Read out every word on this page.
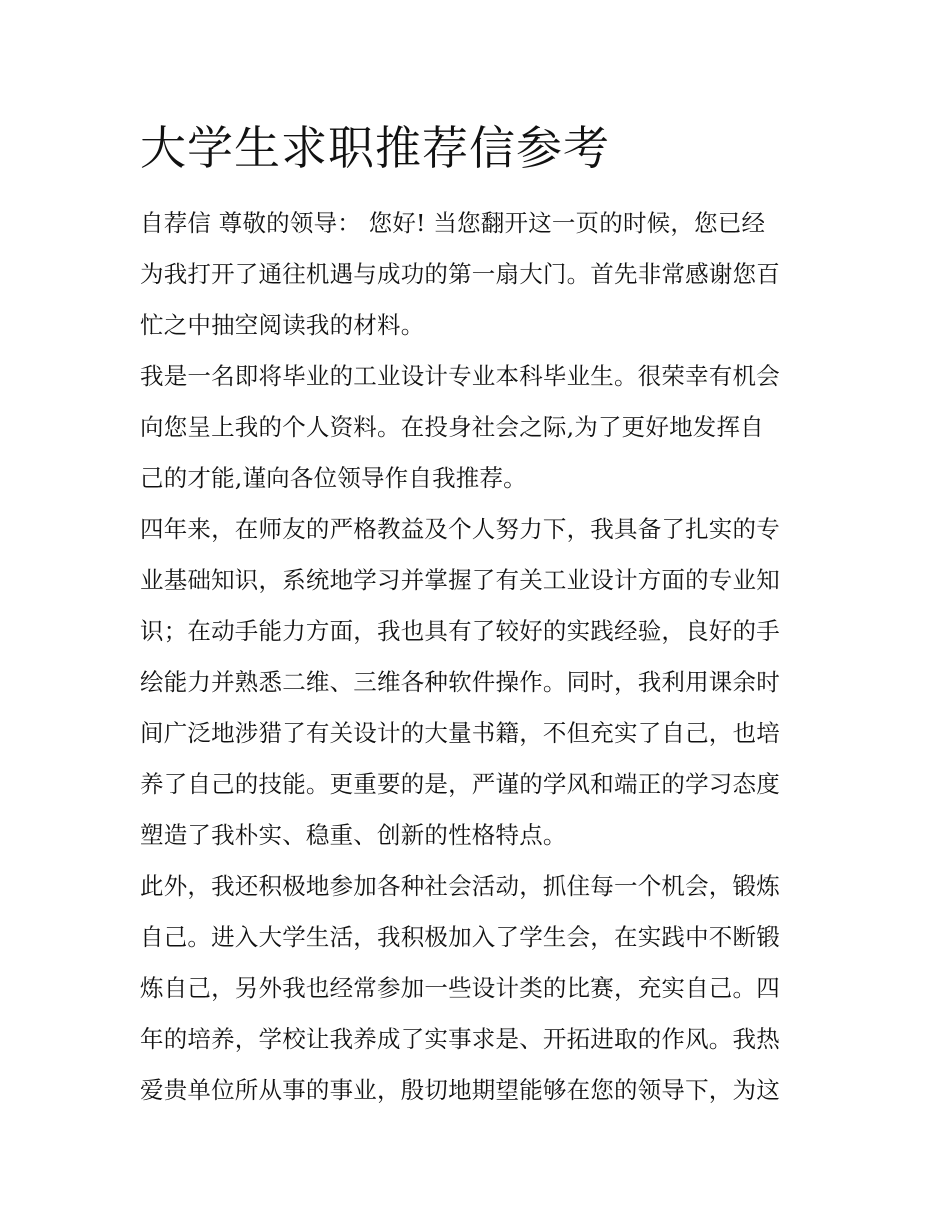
大学生求职推荐信参考
自荐信 尊敬的领导： 您好! 当您翻开这一页的时候，您已经
为我打开了通往机遇与成功的第一扇大门。首先非常感谢您百
忙之中抽空阅读我的材料。
我是一名即将毕业的工业设计专业本科毕业生。很荣幸有机会
向您呈上我的个人资料。在投身社会之际,为了更好地发挥自
己的才能,谨向各位领导作自我推荐。
四年来，在师友的严格教益及个人努力下，我具备了扎实的专
业基础知识，系统地学习并掌握了有关工业设计方面的专业知
识；在动手能力方面，我也具有了较好的实践经验，良好的手
绘能力并熟悉二维、三维各种软件操作。同时，我利用课余时
间广泛地涉猎了有关设计的大量书籍，不但充实了自己，也培
养了自己的技能。更重要的是，严谨的学风和端正的学习态度
塑造了我朴实、稳重、创新的性格特点。
此外，我还积极地参加各种社会活动，抓住每一个机会，锻炼
自己。进入大学生活，我积极加入了学生会，在实践中不断锻
炼自己，另外我也经常参加一些设计类的比赛，充实自己。四
年的培养，学校让我养成了实事求是、开拓进取的作风。我热
爱贵单位所从事的事业，殷切地期望能够在您的领导下，为这
